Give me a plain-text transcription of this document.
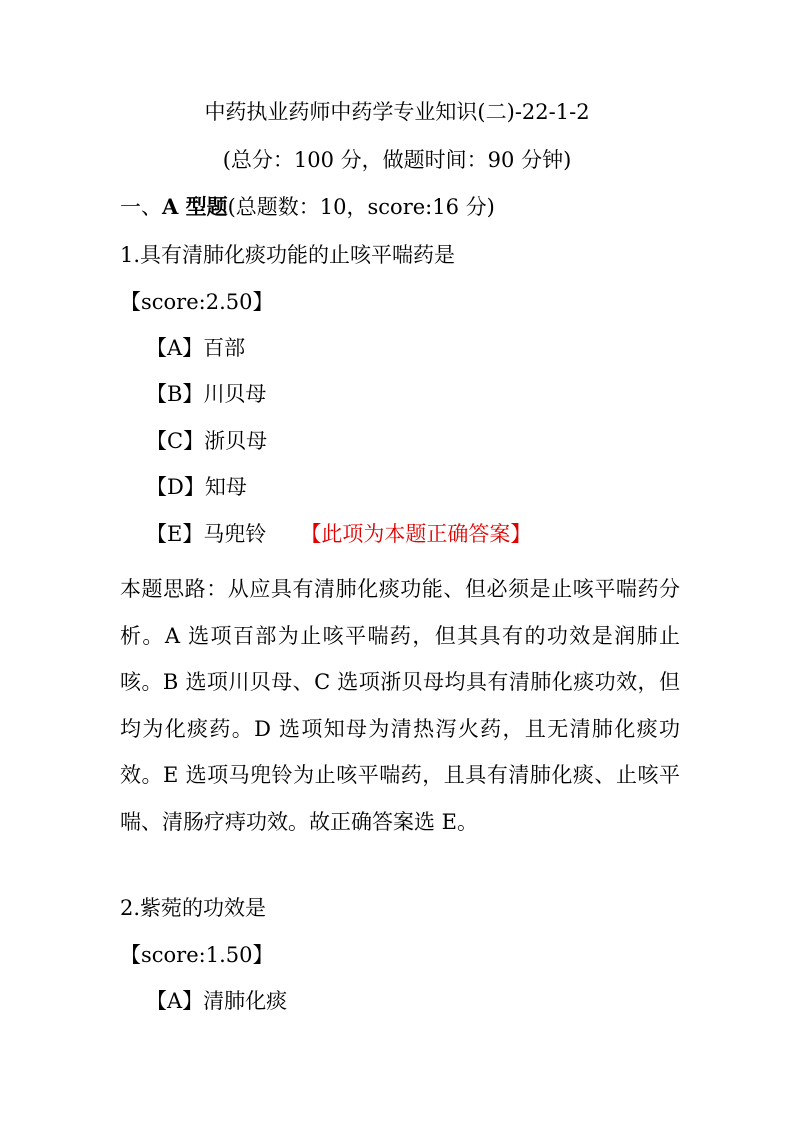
中药执业药师中药学专业知识(二)-22-1-2
(总分：100 分，做题时间：90 分钟)
一、A 型题(总题数：10，score:16 分)
1.具有清肺化痰功能的止咳平喘药是
【score:2.50】
【A】百部
【B】川贝母
【C】浙贝母
【D】知母
【E】马兜铃 【此项为本题正确答案】
本题思路：从应具有清肺化痰功能、但必须是止咳平喘药分析。A 选项百部为止咳平喘药，但其具有的功效是润肺止咳。B 选项川贝母、C 选项浙贝母均具有清肺化痰功效，但均为化痰药。D 选项知母为清热泻火药，且无清肺化痰功效。E 选项马兜铃为止咳平喘药，且具有清肺化痰、止咳平喘、清肠疗痔功效。故正确答案选 E。
2.紫菀的功效是
【score:1.50】
【A】清肺化痰
